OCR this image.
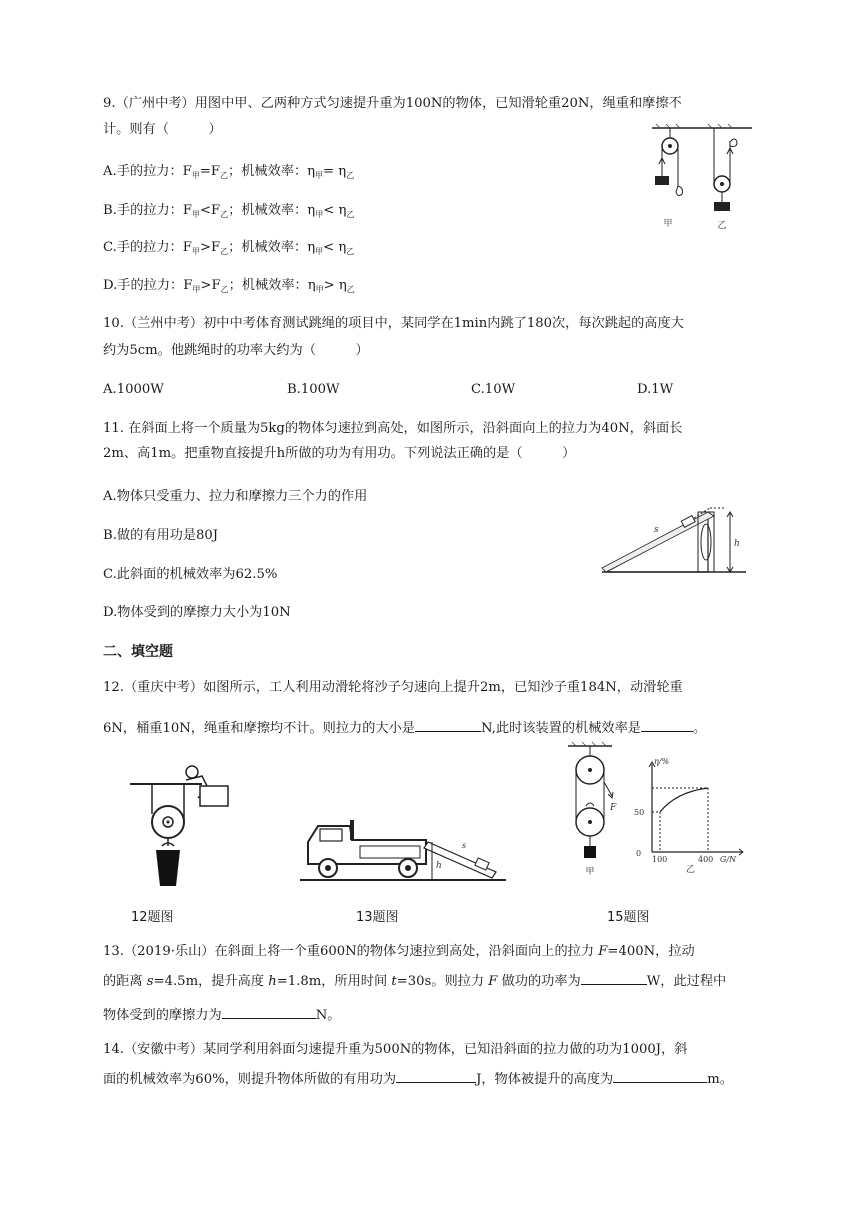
9.（广州中考）用图中甲、乙两种方式匀速提升重为100N的物体，已知滑轮重20N，绳重和摩擦不
计。则有（　　　）
A.手的拉力：$F_甲=F_乙$；机械效率：$\eta_甲= \eta_乙$
B.手的拉力：$F_甲<F_乙$；机械效率：$\eta_甲< \eta_乙$
C.手的拉力：$F_甲>F_乙$；机械效率：$\eta_甲< \eta_乙$
D.手的拉力：$F_甲>F_乙$；机械效率：$\eta_甲> \eta_乙$
甲	乙
10.（兰州中考）初中中考体育测试跳绳的项目中，某同学在1min内跳了180次，每次跳起的高度大
约为5cm。他跳绳时的功率大约为（　　　）
A.1000W	B.100W	C.10W	D.1W
11. 在斜面上将一个质量为5kg的物体匀速拉到高处，如图所示，沿斜面向上的拉力为40N，斜面长
2m、高1m。把重物直接提升h所做的功为有用功。下列说法正确的是（　　　）
A.物体只受重力、拉力和摩擦力三个力的作用
B.做的有用功是80J
C.此斜面的机械效率为62.5%
D.物体受到的摩擦力大小为10N
s
h
二、填空题
12.（重庆中考）如图所示，工人利用动滑轮将沙子匀速向上提升2m，已知沙子重184N，动滑轮重
6N，桶重10N，绳重和摩擦均不计。则拉力的大小是	N,此时该装置的机械效率是	。
s
h
F
甲
η/%
50
0
100	400 G/N
乙
12题图	13题图	15题图
13.（2019·乐山）在斜面上将一个重600N的物体匀速拉到高处，沿斜面向上的拉力 F=400N，拉动
的距离 s=4.5m，提升高度 h=1.8m，所用时间 t=30s。则拉力 F 做功的功率为	W，此过程中
物体受到的摩擦力为	N。
14.（安徽中考）某同学利用斜面匀速提升重为500N的物体，已知沿斜面的拉力做的功为1000J，斜
面的机械效率为60%，则提升物体所做的有用功为	J，物体被提升的高度为	m。
